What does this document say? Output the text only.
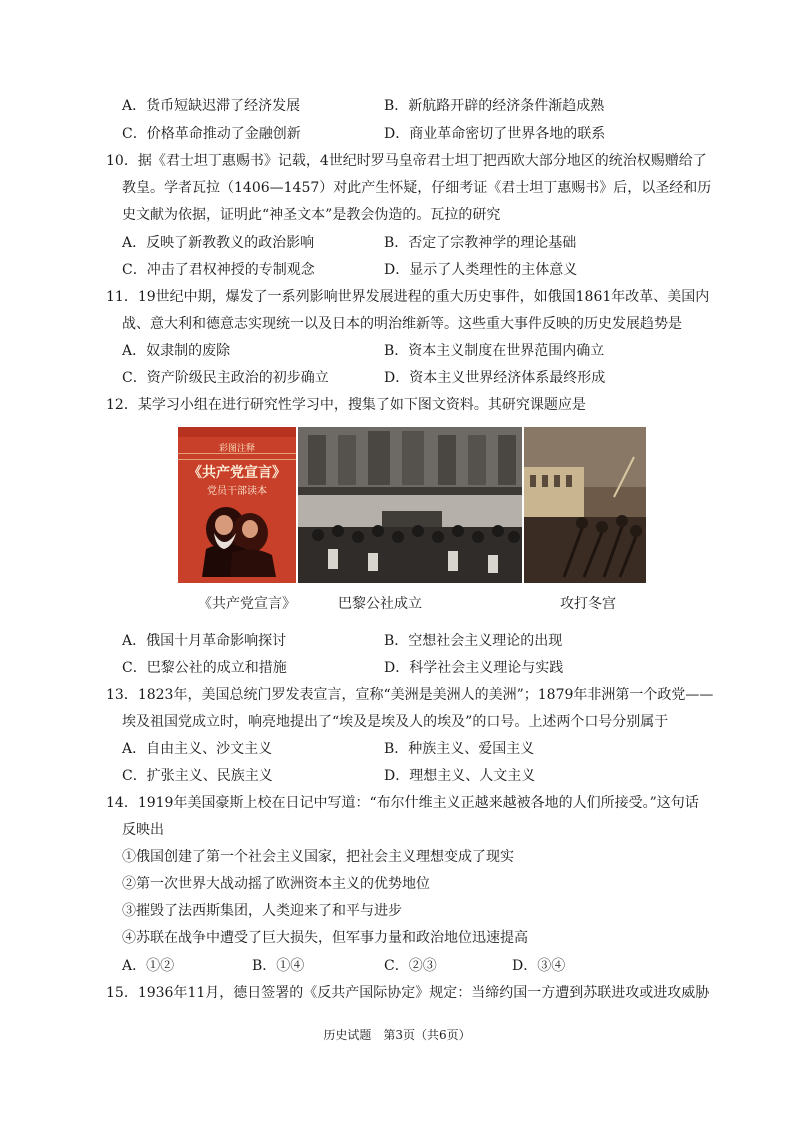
A．货币短缺迟滞了经济发展	B．新航路开辟的经济条件渐趋成熟
C．价格革命推动了金融创新	D．商业革命密切了世界各地的联系
10．据《君士坦丁惠赐书》记载，4世纪时罗马皇帝君士坦丁把西欧大部分地区的统治权赐赠给了
教皇。学者瓦拉（1406—1457）对此产生怀疑，仔细考证《君士坦丁惠赐书》后，以圣经和历
史文献为依据，证明此“神圣文本”是教会伪造的。瓦拉的研究
A．反映了新教教义的政治影响	B．否定了宗教神学的理论基础
C．冲击了君权神授的专制观念	D．显示了人类理性的主体意义
11．19世纪中期，爆发了一系列影响世界发展进程的重大历史事件，如俄国1861年改革、美国内
战、意大利和德意志实现统一以及日本的明治维新等。这些重大事件反映的历史发展趋势是
A．奴隶制的废除	B．资本主义制度在世界范围内确立
C．资产阶级民主政治的初步确立	D．资本主义世界经济体系最终形成
12．某学习小组在进行研究性学习中，搜集了如下图文资料。其研究课题应是
彩图注释
《共产党宣言》
党员干部读本
《共产党宣言》	巴黎公社成立	攻打冬宫
A．俄国十月革命影响探讨	B．空想社会主义理论的出现
C．巴黎公社的成立和措施	D．科学社会主义理论与实践
13．1823年，美国总统门罗发表宣言，宣称“美洲是美洲人的美洲”；1879年非洲第一个政党——
埃及祖国党成立时，响亮地提出了“埃及是埃及人的埃及”的口号。上述两个口号分别属于
A．自由主义、沙文主义	B．种族主义、爱国主义
C．扩张主义、民族主义	D．理想主义、人文主义
14．1919年美国豪斯上校在日记中写道：“布尔什维主义正越来越被各地的人们所接受。”这句话
反映出
①俄国创建了第一个社会主义国家，把社会主义理想变成了现实
②第一次世界大战动摇了欧洲资本主义的优势地位
③摧毁了法西斯集团，人类迎来了和平与进步
④苏联在战争中遭受了巨大损失，但军事力量和政治地位迅速提高
A．①②	B．①④	C．②③	D．③④
15．1936年11月，德日签署的《反共产国际协定》规定：当缔约国一方遭到苏联进攻或进攻威胁
历史试题　第3页（共6页）
